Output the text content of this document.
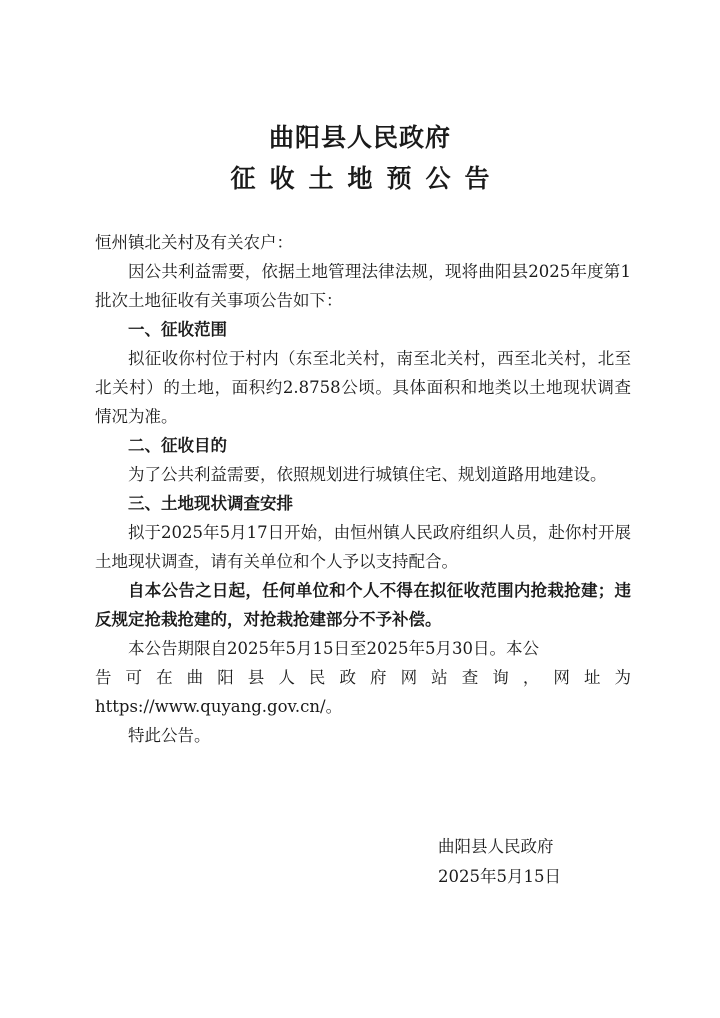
曲阳县人民政府
征收土地预公告

恒州镇北关村及有关农户：

因公共利益需要，依据土地管理法律法规，现将曲阳县2025年度第1批次土地征收有关事项公告如下：

一、征收范围

拟征收你村位于村内（东至北关村，南至北关村，西至北关村，北至北关村）的土地，面积约2.8758公顷。具体面积和地类以土地现状调查情况为准。

二、征收目的

为了公共利益需要，依照规划进行城镇住宅、规划道路用地建设。

三、土地现状调查安排

拟于2025年5月17日开始，由恒州镇人民政府组织人员，赴你村开展土地现状调查，请有关单位和个人予以支持配合。

自本公告之日起，任何单位和个人不得在拟征收范围内抢栽抢建；违反规定抢栽抢建的，对抢栽抢建部分不予补偿。

本公告期限自2025年5月15日至2025年5月30日。本公
告可在曲阳县人民政府网站查询，网址为
https://www.quyang.gov.cn/。

特此公告。

曲阳县人民政府
2025年5月15日
